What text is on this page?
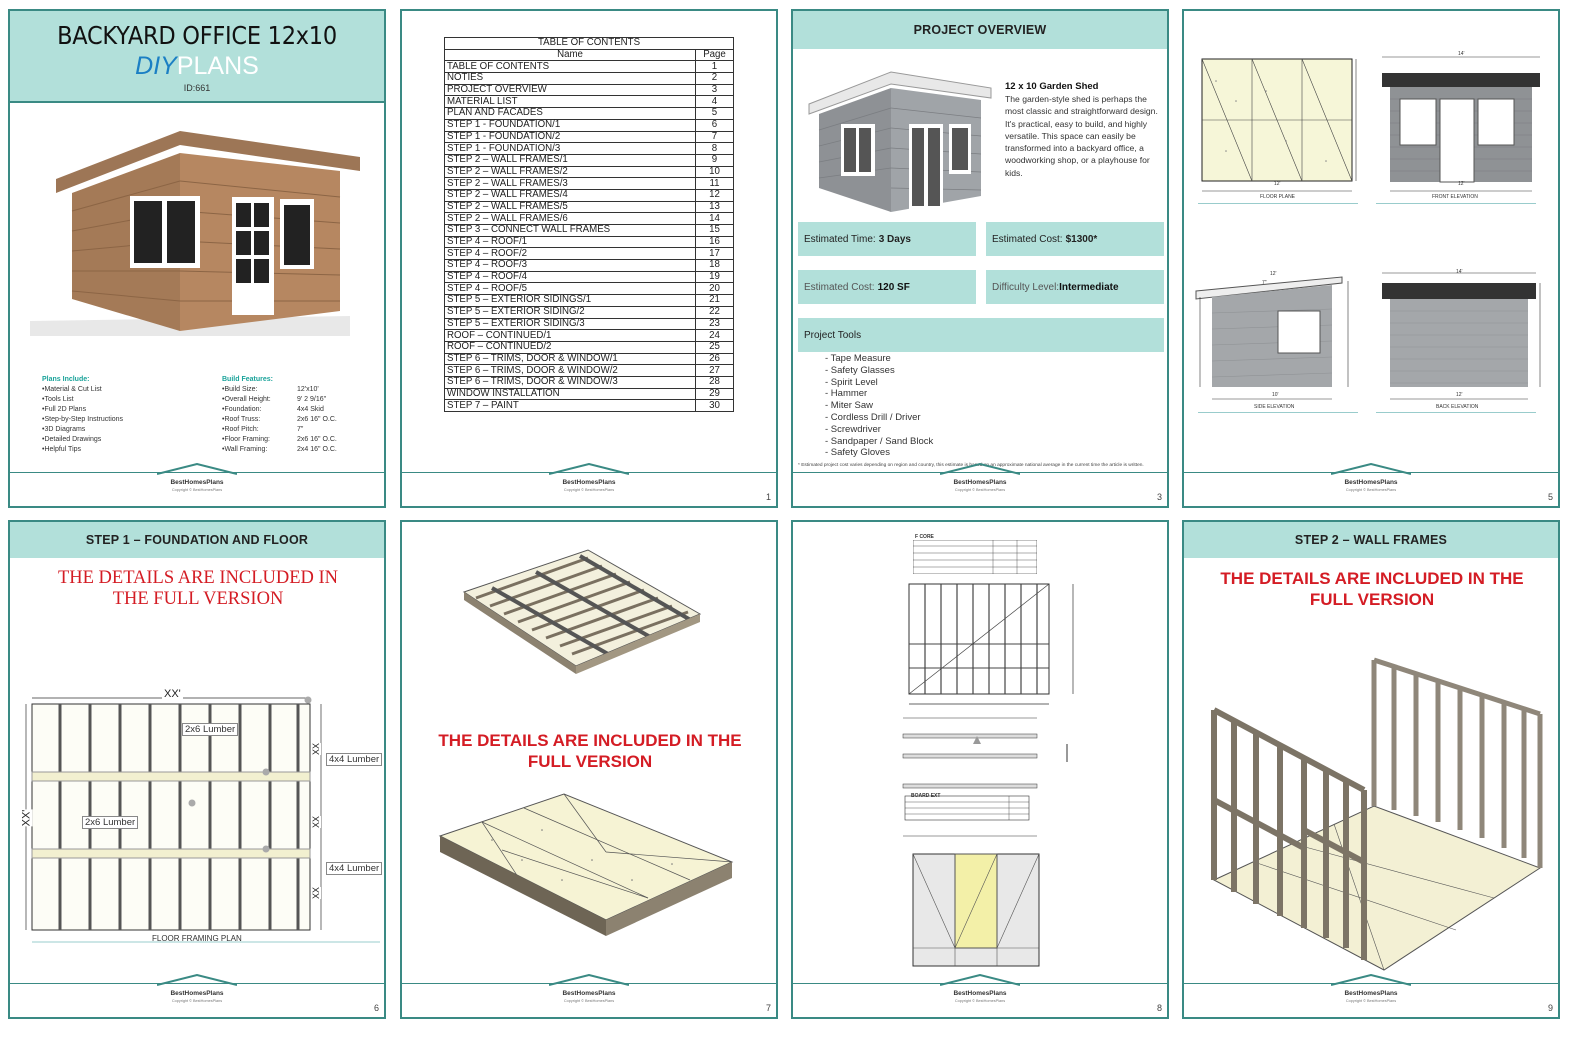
BACKYARD OFFICE 12x10
DIYPLANS
ID:661
Plans Include:
•Material & Cut List
•Tools List
•Full 2D Plans
•Step-by-Step Instructions
•3D Diagrams
•Detailed Drawings
•Helpful Tips
Build Features:
•Build Size:	12'x10'
•Overall Height:	9' 2 9/16"
•Foundation:	4x4 Skid
•Roof Truss:	2x6 16" O.C.
•Roof Pitch:	7"
•Floor Framing:	2x6 16" O.C.
•Wall Framing:	2x4 16" O.C.
BestHomesPlans
Copyright © BestHomesPlans
TABLE OF CONTENTS	
Name	Page
TABLE OF CONTENTS	1
NOTIES	2
PROJECT OVERVIEW	3
MATERIAL LIST	4
PLAN AND FACADES	5
STEP 1 - FOUNDATION/1	6
STEP 1 - FOUNDATION/2	7
STEP 1 - FOUNDATION/3	8
STEP 2 – WALL FRAMES/1	9
STEP 2 – WALL FRAMES/2	10
STEP 2 – WALL FRAMES/3	11
STEP 2 – WALL FRAMES/4	12
STEP 2 – WALL FRAMES/5	13
STEP 2 – WALL FRAMES/6	14
STEP 3 – CONNECT WALL FRAMES	15
STEP 4 – ROOF/1	16
STEP 4 – ROOF/2	17
STEP 4 – ROOF/3	18
STEP 4 – ROOF/4	19
STEP 4 – ROOF/5	20
STEP 5 – EXTERIOR SIDINGS/1	21
STEP 5 – EXTERIOR SIDING/2	22
STEP 5 – EXTERIOR SIDING/3	23
ROOF – CONTINUED/1	24
ROOF – CONTINUED/2	25
STEP 6 – TRIMS, DOOR & WINDOW/1	26
STEP 6 – TRIMS, DOOR & WINDOW/2	27
STEP 6 – TRIMS, DOOR & WINDOW/3	28
WINDOW INSTALLATION	29
STEP 7 – PAINT	30
BestHomesPlans
Copyright © BestHomesPlans
1
PROJECT OVERVIEW
12 x 10 Garden Shed
The garden-style shed is perhaps the most classic and straightforward design. It's practical, easy to build, and highly versatile. This space can easily be transformed into a backyard office, a woodworking shop, or a playhouse for kids.
Estimated Time: 3 Days	Estimated Cost: $1300*
Estimated Cost: 120 SF	Difficulty Level: Intermediate
Project Tools
- Tape Measure
- Safety Glasses
- Spirit Level
- Hammer
- Miter Saw
- Cordless Drill / Driver
- Screwdriver
- Sandpaper / Sand Block
- Safety Gloves
* Estimated project cost varies depending on region and country, this estimate is based on an approximate national average in the current time the article is written.
BestHomesPlans
Copyright © BestHomesPlans
3
12'
FLOOR PLANE
14'
12'
FRONT ELEVATION
12'
7"
10'
SIDE ELEVATION
14'
12'
BACK ELEVATION
BestHomesPlans
Copyright © BestHomesPlans
5
STEP 1 – FOUNDATION AND FLOOR
THE DETAILS ARE INCLUDED IN THE FULL VERSION
XX'
XX'
XX
XX
XX
2x6 Lumber
2x6 Lumber
4x4 Lumber
4x4 Lumber
FLOOR FRAMING PLAN
BestHomesPlans
Copyright © BestHomesPlans
6
THE DETAILS ARE INCLUDED IN THE FULL VERSION
BestHomesPlans
Copyright © BestHomesPlans
7
F CORE
BOARD EXT
BestHomesPlans
Copyright © BestHomesPlans
8
STEP 2 – WALL FRAMES
THE DETAILS ARE INCLUDED IN THE FULL VERSION
BestHomesPlans
Copyright © BestHomesPlans
9
